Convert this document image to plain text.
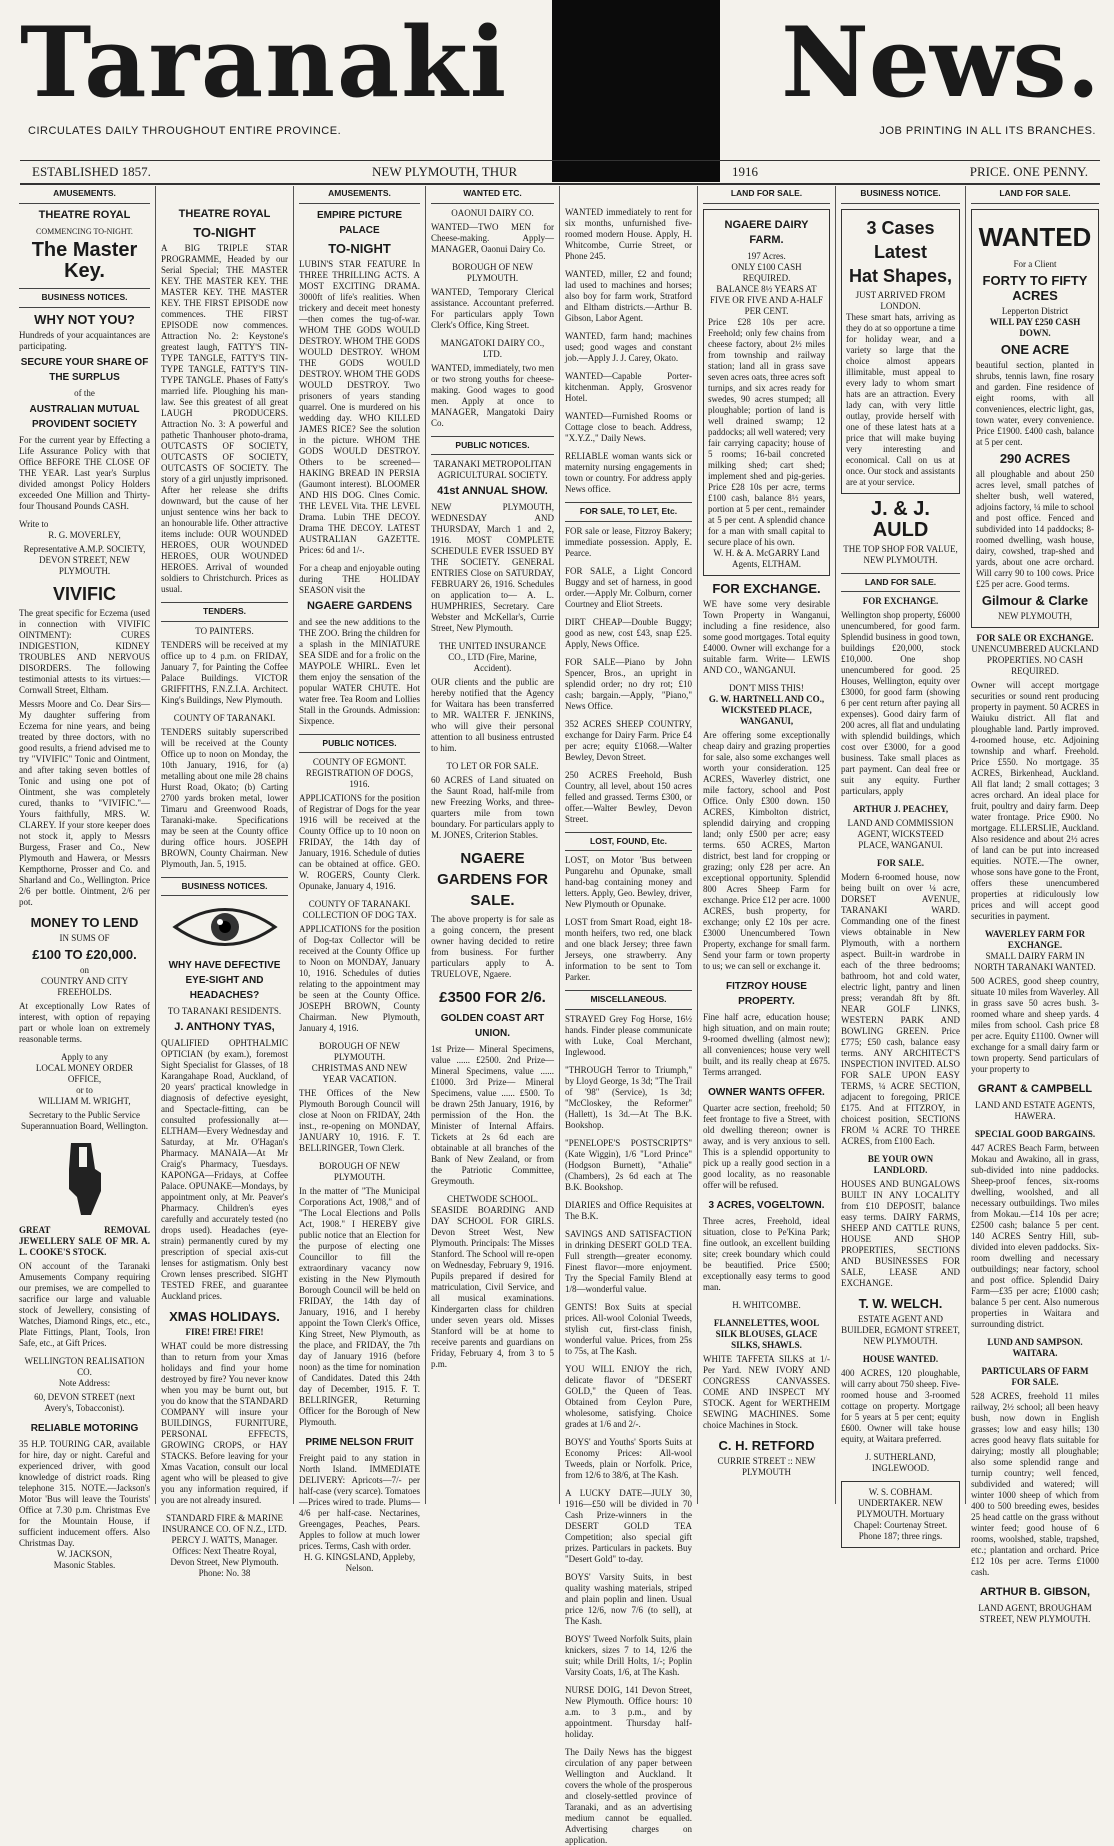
Taranaki	News.
CIRCULATES DAILY THROUGHOUT ENTIRE PROVINCE.	JOB PRINTING IN ALL ITS BRANCHES.
ESTABLISHED 1857.	NEW PLYMOUTH, THUR	1916	PRICE. ONE PENNY.
AMUSEMENTS.
THEATRE ROYAL
COMMENCING TO-NIGHT.
The Master Key.
BUSINESS NOTICES.
WHY NOT YOU?
Hundreds of your acquaintances are participating.
SECURE YOUR SHARE OF THE SURPLUS
of the
AUSTRALIAN MUTUAL PROVIDENT SOCIETY
For the current year by Effecting a Life Assurance Policy with that Office BEFORE THE CLOSE OF THE YEAR. Last year's Surplus divided amongst Policy Holders exceeded One Million and Thirty-four Thousand Pounds CASH.
Write to
R. G. MOVERLEY,
Representative A.M.P. SOCIETY, DEVON STREET, NEW PLYMOUTH.
VIVIFIC
The great specific for Eczema (used in connection with VIVIFIC OINTMENT): CURES INDIGESTION, KIDNEY TROUBLES AND NERVOUS DISORDERS. The following testimonial attests to its virtues:— Cornwall Street, Eltham.
Messrs Moore and Co. Dear Sirs—My daughter suffering from Eczema for nine years, and being treated by three doctors, with no good results, a friend advised me to try "VIVIFIC" Tonic and Ointment, and after taking seven bottles of Tonic and using one pot of Ointment, she was completely cured, thanks to "VIVIFIC."—Yours faithfully, MRS. W. CLAREY. If your store keeper does not stock it, apply to Messrs Burgess, Fraser and Co., New Plymouth and Hawera, or Messrs Kempthorne, Prosser and Co. and Sharland and Co., Wellington. Price 2/6 per bottle. Ointment, 2/6 per pot.
MONEY TO LEND
IN SUMS OF
£100 TO £20,000.
on
COUNTRY AND CITY FREEHOLDS.
At exceptionally Low Rates of interest, with option of repaying part or whole loan on extremely reasonable terms.
Apply to any
LOCAL MONEY ORDER OFFICE,
or to
WILLIAM M. WRIGHT,
Secretary to the Public Service Superannuation Board, Wellington.
GREAT REMOVAL JEWELLERY SALE OF MR. A. L. COOKE'S STOCK.
ON account of the Taranaki Amusements Company requiring our premises, we are compelled to sacrifice our large and valuable stock of Jewellery, consisting of Watches, Diamond Rings, etc., etc., Plate Fittings, Plant, Tools, Iron Safe, etc., at Gift Prices.
WELLINGTON REALISATION CO.
Note Address:
60, DEVON STREET (next Avery's, Tobacconist).
RELIABLE MOTORING
35 H.P. TOURING CAR, available for hire, day or night. Careful and experienced driver, with good knowledge of district roads. Ring telephone 315. NOTE.—Jackson's Motor 'Bus will leave the Tourists' Office at 7.30 p.m. Christmas Eve for the Mountain House, if sufficient inducement offers. Also Christmas Day.
W. JACKSON,
Masonic Stables.
THEATRE ROYAL
TO-NIGHT
A BIG TRIPLE STAR PROGRAMME, Headed by our Serial Special; THE MASTER KEY. THE MASTER KEY. THE MASTER KEY. THE MASTER KEY. THE FIRST EPISODE now commences. THE FIRST EPISODE now commences. Attraction No. 2: Keystone's greatest laugh, FATTY'S TIN-TYPE TANGLE, FATTY'S TIN-TYPE TANGLE, FATTY'S TIN-TYPE TANGLE. Phases of Fatty's married life. Ploughing his man-law. See this greatest of all great LAUGH PRODUCERS. Attraction No. 3: A powerful and pathetic Thanhouser photo-drama, OUTCASTS OF SOCIETY, OUTCASTS OF SOCIETY, OUTCASTS OF SOCIETY. The story of a girl unjustly imprisoned. After her release she drifts downward, but the cause of her unjust sentence wins her back to an honourable life. Other attractive items include: OUR WOUNDED HEROES, OUR WOUNDED HEROES, OUR WOUNDED HEROES. Arrival of wounded soldiers to Christchurch. Prices as usual.
TENDERS.
TO PAINTERS.
TENDERS will be received at my office up to 4 p.m. on FRIDAY, January 7, for Painting the Coffee Palace Buildings. VICTOR GRIFFITHS, F.N.Z.I.A. Architect. King's Buildings, New Plymouth.
COUNTY OF TARANAKI.
TENDERS suitably superscribed will be received at the County Office up to noon on Monday, the 10th January, 1916, for (a) metalling about one mile 28 chains Hurst Road, Okato; (b) Carting 2700 yards broken metal, lower Timaru and Greenwood Roads, Taranaki-make. Specifications may be seen at the County office during office hours. JOSEPH BROWN, County Chairman. New Plymouth, Jan. 5, 1915.
BUSINESS NOTICES.
WHY HAVE DEFECTIVE EYE-SIGHT AND HEADACHES?
TO TARANAKI RESIDENTS.
J. ANTHONY TYAS,
QUALIFIED OPHTHALMIC OPTICIAN (by exam.), foremost Sight Specialist for Glasses, of 18 Karangahape Road, Auckland, of 20 years' practical knowledge in diagnosis of defective eyesight, and Spectacle-fitting, can be consulted professionally at— ELTHAM—Every Wednesday and Saturday, at Mr. O'Hagan's Pharmacy. MANAIA—At Mr Craig's Pharmacy, Tuesdays. KAPONGA—Fridays, at Coffee Palace. OPUNAKE—Mondays, by appointment only, at Mr. Peaver's Pharmacy. Children's eyes carefully and accurately tested (no drops used). Headaches (eye-strain) permanently cured by my prescription of special axis-cut lenses for astigmatism. Only best Crown lenses prescribed. SIGHT TESTED FREE, and guarantee Auckland prices.
XMAS HOLIDAYS.
FIRE! FIRE! FIRE!
WHAT could be more distressing than to return from your Xmas holidays and find your home destroyed by fire? You never know when you may be burnt out, but you do know that the STANDARD COMPANY will insure your BUILDINGS, FURNITURE, PERSONAL EFFECTS, GROWING CROPS, or HAY STACKS. Before leaving for your Xmas Vacation, consult our local agent who will be pleased to give you any information required, if you are not already insured.
STANDARD FIRE & MARINE INSURANCE CO. OF N.Z., LTD.
PERCY J. WATTS, Manager.
Offices: Next Theatre Royal, Devon Street, New Plymouth. Phone: No. 38
AMUSEMENTS.
EMPIRE PICTURE PALACE
TO-NIGHT
LUBIN'S STAR FEATURE In THREE THRILLING ACTS. A MOST EXCITING DRAMA. 3000ft of life's realities. When trickery and deceit meet honesty—then comes the tug-of-war. WHOM THE GODS WOULD DESTROY. WHOM THE GODS WOULD DESTROY. WHOM THE GODS WOULD DESTROY. WHOM THE GODS WOULD DESTROY. Two prisoners of years standing quarrel. One is murdered on his wedding day. WHO KILLED JAMES RICE? See the solution in the picture. WHOM THE GODS WOULD DESTROY. Others to be screened— HAKING BREAD IN PERSIA (Gaumont interest). BLOOMER AND HIS DOG. Clnes Comic. THE LEVEL Vita. THE LEVEL Drama. Lubin THE DECOY. Drama THE DECOY. LATEST AUSTRALIAN GAZETTE. Prices: 6d and 1/-.
For a cheap and enjoyable outing during THE HOLIDAY SEASON visit the
NGAERE GARDENS
and see the new additions to the THE ZOO. Bring the children for a splash in the MINIATURE SEA SIDE and for a frolic on the MAYPOLE WHIRL. Even let them enjoy the sensation of the popular WATER CHUTE. Hot water free. Tea Room and Lollies Stall in the Grounds. Admission: Sixpence.
PUBLIC NOTICES.
COUNTY OF EGMONT.
REGISTRATION OF DOGS, 1916.
APPLICATIONS for the position of Registrar of Dogs for the year 1916 will be received at the County Office up to 10 noon on FRIDAY, the 14th day of January, 1916. Schedule of duties can be obtained at office. GEO. W. ROGERS, County Clerk. Opunake, January 4, 1916.
COUNTY OF TARANAKI.
COLLECTION OF DOG TAX.
APPLICATIONS for the position of Dog-tax Collector will be received at the County Office up to Noon on MONDAY, January 10, 1916. Schedules of duties relating to the appointment may be seen at the County Office. JOSEPH BROWN, County Chairman. New Plymouth, January 4, 1916.
BOROUGH OF NEW PLYMOUTH.
CHRISTMAS AND NEW YEAR VACATION.
THE Offices of the New Plymouth Borough Council will close at Noon on FRIDAY, 24th inst., re-opening on MONDAY, JANUARY 10, 1916. F. T. BELLRINGER, Town Clerk.
BOROUGH OF NEW PLYMOUTH.
In the matter of "The Municipal Corporations Act, 1908," and of "The Local Elections and Polls Act, 1908." I HEREBY give public notice that an Election for the purpose of electing one Councillor to fill the extraordinary vacancy now existing in the New Plymouth Borough Council will be held on FRIDAY, the 14th day of January, 1916, and I hereby appoint the Town Clerk's Office, King Street, New Plymouth, as the place, and FRIDAY, the 7th day of January 1916 (before noon) as the time for nomination of Candidates. Dated this 24th day of December, 1915. F. T. BELLRINGER, Returning Officer for the Borough of New Plymouth.
PRIME NELSON FRUIT
Freight paid to any station in North Island. IMMEDIATE DELIVERY: Apricots—7/- per half-case (very scarce). Tomatoes—Prices wired to trade. Plums—4/6 per half-case. Nectarines, Greengages, Peaches, Pears. Apples to follow at much lower prices. Terms, Cash with order.
H. G. KINGSLAND, Appleby, Nelson.
WANTED ETC.
OAONUI DAIRY CO.
WANTED—TWO MEN for Cheese-making. Apply— MANAGER, Oaonui Dairy Co.
BOROUGH OF NEW PLYMOUTH.
WANTED, Temporary Clerical assistance. Accountant preferred. For particulars apply Town Clerk's Office, King Street.
MANGATOKI DAIRY CO., LTD.
WANTED, immediately, two men or two strong youths for cheese-making. Good wages to good men. Apply at once to MANAGER, Mangatoki Dairy Co.
PUBLIC NOTICES.
TARANAKI METROPOLITAN AGRICULTURAL SOCIETY.
41st ANNUAL SHOW.
NEW PLYMOUTH, WEDNESDAY AND THURSDAY, March 1 and 2, 1916. MOST COMPLETE SCHEDULE EVER ISSUED BY THE SOCIETY. GENERAL ENTRIES Close on SATURDAY, FEBRUARY 26, 1916. Schedules on application to— A. L. HUMPHRIES, Secretary. Care Webster and McKellar's, Currie Street, New Plymouth.
THE UNITED INSURANCE CO., LTD (Fire, Marine, Accident).
OUR clients and the public are hereby notified that the Agency for Waitara has been transferred to MR. WALTER F. JENKINS, who will give their personal attention to all business entrusted to him.
TO LET OR FOR SALE.
60 ACRES of Land situated on the Saunt Road, half-mile from new Freezing Works, and three-quarters mile from town boundary. For particulars apply to M. JONES, Criterion Stables.
NGAERE GARDENS FOR SALE.
The above property is for sale as a going concern, the present owner having decided to retire from business. For further particulars apply to A. TRUELOVE, Ngaere.
£3500 FOR 2/6.
GOLDEN COAST ART UNION.
1st Prize— Mineral Specimens, value ...... £2500. 2nd Prize— Mineral Specimens, value ...... £1000. 3rd Prize— Mineral Specimens, value ...... £500. To be drawn 25th January, 1916, by permission of the Hon. the Minister of Internal Affairs. Tickets at 2s 6d each are obtainable at all branches of the Bank of New Zealand, or from the Patriotic Committee, Greymouth.
CHETWODE SCHOOL.
SEASIDE BOARDING AND DAY SCHOOL FOR GIRLS. Devon Street West, New Plymouth. Principals: The Misses Stanford. The School will re-open on Wednesday, February 9, 1916. Pupils prepared if desired for matriculation, Civil Service, and all musical examinations. Kindergarten class for children under seven years old. Misses Stanford will be at home to receive parents and guardians on Friday, February 4, from 3 to 5 p.m.
WANTED immediately to rent for six months, unfurnished five-roomed modern House. Apply, H. Whitcombe, Currie Street, or Phone 245.
WANTED, miller, £2 and found; lad used to machines and horses; also boy for farm work, Stratford and Eltham districts.—Arthur B. Gibson, Labor Agent.
WANTED, farm hand; machines used; good wages and constant job.—Apply J. J. Carey, Okato.
WANTED—Capable Porter-kitchenman. Apply, Grosvenor Hotel.
WANTED—Furnished Rooms or Cottage close to beach. Address, "X.Y.Z.," Daily News.
RELIABLE woman wants sick or maternity nursing engagements in town or country. For address apply News office.
FOR SALE, TO LET, Etc.
FOR sale or lease, Fitzroy Bakery; immediate possession. Apply, E. Pearce.
FOR SALE, a Light Concord Buggy and set of harness, in good order.—Apply Mr. Colburn, corner Courtney and Eliot Streets.
DIRT CHEAP—Double Buggy; good as new, cost £43, snap £25. Apply, News Office.
FOR SALE—Piano by John Spencer, Bros., an upright in splendid order; no dry rot; £10 cash; bargain.—Apply, "Piano," News Office.
352 ACRES SHEEP COUNTRY, exchange for Dairy Farm. Price £4 per acre; equity £1068.—Walter Bewley, Devon Street.
250 ACRES Freehold, Bush Country, all level, about 150 acres felled and grassed. Terms £300, or offer.—Walter Bewley, Devon Street.
LOST, FOUND, Etc.
LOST, on Motor 'Bus between Pungarehu and Opunake, small hand-bag containing money and letters. Apply, Geo. Bewley, driver, New Plymouth or Opunake.
LOST from Smart Road, eight 18-month heifers, two red, one black and one black Jersey; three fawn Jerseys, one strawberry. Any information to be sent to Tom Parker.
MISCELLANEOUS.
STRAYED Grey Fog Horse, 16½ hands. Finder please communicate with Luke, Coal Merchant, Inglewood.
"THROUGH Terror to Triumph," by Lloyd George, 1s 3d; "The Trail of '98" (Service), 1s 3d; "McCloskey, the Reformer" (Hallett), 1s 3d.—At The B.K. Bookshop.
"PENELOPE'S POSTSCRIPTS" (Kate Wiggin), 1/6 "Lord Prince" (Hodgson Burnett), "Athalie" (Chambers), 2s 6d each at The B.K. Bookshop.
DIARIES and Office Requisites at The B.K.
SAVINGS AND SATISFACTION in drinking DESERT GOLD TEA. Full strength—greater economy. Finest flavor—more enjoyment. Try the Special Family Blend at 1/8—wonderful value.
GENTS! Box Suits at special prices. All-wool Colonial Tweeds, stylish cut, first-class finish, wonderful value. Prices, from 25s to 75s, at The Kash.
YOU WILL ENJOY the rich, delicate flavor of "DESERT GOLD," the Queen of Teas. Obtained from Ceylon Pure, wholesome, satisfying. Choice grades at 1/6 and 2/-.
BOYS' and Youths' Sports Suits at Economy Prices: All-wool Tweeds, plain or Norfolk. Price, from 12/6 to 38/6, at The Kash.
A LUCKY DATE—JULY 30, 1916—£50 will be divided in 70 Cash Prize-winners in the DESERT GOLD TEA Competition; also special gift prizes. Particulars in packets. Buy "Desert Gold" to-day.
BOYS' Varsity Suits, in best quality washing materials, striped and plain poplin and linen. Usual price 12/6, now 7/6 (to sell), at The Kash.
BOYS' Tweed Norfolk Suits, plain knickers, sizes 7 to 14, 12/6 the suit; while Drill Holts, 1/-; Poplin Varsity Coats, 1/6, at The Kash.
NURSE DOIG, 141 Devon Street, New Plymouth. Office hours: 10 a.m. to 3 p.m., and by appointment. Thursday half-holiday.
The Daily News has the biggest circulation of any paper between Wellington and Auckland. It covers the whole of the prosperous and closely-settled province of Taranaki, and as an advertising medium cannot be equalled. Advertising charges on application.
LAND FOR SALE.
NGAERE DAIRY FARM.
197 Acres.
ONLY £100 CASH REQUIRED.
BALANCE 8½ YEARS AT FIVE OR FIVE AND A-HALF PER CENT.
Price £28 10s per acre. Freehold; only few chains from cheese factory, about 2½ miles from township and railway station; land all in grass save seven acres oats, three acres soft turnips, and six acres ready for swedes, 90 acres stumped; all ploughable; portion of land is well drained swamp; 12 paddocks; all well watered; very fair carrying capacity; house of 5 rooms; 16-bail concreted milking shed; cart shed; implement shed and pig-geries. Price £28 10s per acre, terms £100 cash, balance 8½ years, portion at 5 per cent., remainder at 5 per cent. A splendid chance for a man with small capital to secure place of his own.
W. H. & A. McGARRY Land Agents, ELTHAM.
FOR EXCHANGE.
WE have some very desirable Town Property in Wanganui, including a fine residence, also some good mortgages. Total equity £4000. Owner will exchange for a suitable farm. Write— LEWIS AND CO., WANGANUI.
DON'T MISS THIS!
G. W. HARTNELL AND CO., WICKSTEED PLACE, WANGANUI,
Are offering some exceptionally cheap dairy and grazing properties for sale, also some exchanges well worth your consideration. 125 ACRES, Waverley district, one mile factory, school and Post Office. Only £300 down. 150 ACRES, Kimbolton district, splendid dairying and cropping land; only £500 per acre; easy terms. 650 ACRES, Marton district, best land for cropping or grazing; only £28 per acre. An exceptional opportunity. Splendid 800 Acres Sheep Farm for exchange. Price £12 per acre. 1000 ACRES, bush property, for exchange; only £2 10s per acre. £3000 Unencumbered Town Property, exchange for small farm. Send your farm or town property to us; we can sell or exchange it.
FITZROY HOUSE PROPERTY.
Fine half acre, education house; high situation, and on main route; 9-roomed dwelling (almost new); all conveniences; house very well built, and its really cheap at £675. Terms arranged.
OWNER WANTS OFFER.
Quarter acre section, freehold; 50 feet frontage to five a Street, with old dwelling thereon; owner is away, and is very anxious to sell. This is a splendid opportunity to pick up a really good section in a good locality, as no reasonable offer will be refused.
3 ACRES, VOGELTOWN.
Three acres, Freehold, ideal situation, close to Pe'Kina Park; fine outlook, an excellent building site; creek boundary which could be beautified. Price £500; exceptionally easy terms to good man.
H. WHITCOMBE.
FLANNELETTES, WOOL SILK BLOUSES, GLACE SILKS, SHAWLS.
WHITE TAFFETA SILKS at 1/- Per Yard. NEW IVORY AND CONGRESS CANVASSES. COME AND INSPECT MY STOCK. Agent for WERTHEIM SEWING MACHINES. Some choice Machines in Stock.
C. H. RETFORD
CURRIE STREET :: NEW PLYMOUTH
BUSINESS NOTICE.
3 Cases
Latest
Hat Shapes,
JUST ARRIVED FROM LONDON.
These smart hats, arriving as they do at so opportune a time for holiday wear, and a variety so large that the choice almost appears illimitable, must appeal to every lady to whom smart hats are an attraction. Every lady can, with very little outlay, provide herself with one of these latest hats at a price that will make buying very interesting and economical. Call on us at once. Our stock and assistants are at your service.
J. & J. AULD
THE TOP SHOP FOR VALUE, NEW PLYMOUTH.
LAND FOR SALE.
FOR EXCHANGE.
Wellington shop property, £6000 unencumbered, for good farm. Splendid business in good town, buildings £20,000, stock £10,000. One shop unencumbered for good. 25 Houses, Wellington, equity over £3000, for good farm (showing 6 per cent return after paying all expenses). Good dairy farm of 200 acres, all flat and undulating with splendid buildings, which cost over £3000, for a good business. Take small places as part payment. Can deal free or suit any equity. Further particulars, apply
ARTHUR J. PEACHEY,
LAND AND COMMISSION AGENT, WICKSTEED PLACE, WANGANUI.
FOR SALE.
Modern 6-roomed house, now being built on over ¼ acre, DORSET AVENUE, TARANAKI WARD. Commanding one of the finest views obtainable in New Plymouth, with a northern aspect. Built-in wardrobe in each of the three bedrooms; bathroom, hot and cold water, electric light, pantry and linen press; verandah 8ft by 8ft. NEAR GOLF LINKS, WESTERN PARK AND BOWLING GREEN. Price £775; £50 cash, balance easy terms. ANY ARCHITECT'S INSPECTION INVITED. ALSO FOR SALE UPON EASY TERMS, ¼ ACRE SECTION, adjacent to foregoing, PRICE £175. And at FITZROY, in choicest position, SECTIONS FROM ¼ ACRE TO THREE ACRES, from £100 Each.
BE YOUR OWN LANDLORD.
HOUSES AND BUNGALOWS BUILT IN ANY LOCALITY from £10 DEPOSIT, balance easy terms. DAIRY FARMS, SHEEP AND CATTLE RUNS, HOUSE AND SHOP PROPERTIES, SECTIONS AND BUSINESSES FOR SALE, LEASE AND EXCHANGE.
T. W. WELCH.
ESTATE AGENT AND BUILDER, EGMONT STREET, NEW PLYMOUTH.
HOUSE WANTED.
400 ACRES, 120 ploughable, will carry about 750 sheep. Five-roomed house and 3-roomed cottage on property. Mortgage for 5 years at 5 per cent; equity £600. Owner will take house equity, at Waitara preferred.
J. SUTHERLAND, INGLEWOOD.
W. S. COBHAM. UNDERTAKER. NEW PLYMOUTH. Mortuary Chapel: Courtenay Street. Phone 187; three rings.
LAND FOR SALE.
WANTED
For a Client
FORTY TO FIFTY ACRES
Lepperton District
WILL PAY £250 CASH DOWN.
ONE ACRE
beautiful section, planted in shrubs, tennis lawn, fine rosary and garden. Fine residence of eight rooms, with all conveniences, electric light, gas, town water, every convenience. Price £1900. £400 cash, balance at 5 per cent.
290 ACRES
all ploughable and about 250 acres level, small patches of shelter bush, well watered, adjoins factory, ¼ mile to school and post office. Fenced and subdivided into 14 paddocks; 8-roomed dwelling, wash house, dairy, cowshed, trap-shed and yards, about one acre orchard. Will carry 90 to 100 cows. Price £25 per acre. Good terms.
Gilmour & Clarke
NEW PLYMOUTH,
FOR SALE OR EXCHANGE.
UNENCUMBERED AUCKLAND PROPERTIES. NO CASH REQUIRED.
Owner will accept mortgage securities or sound rent producing property in payment. 50 ACRES in Waiuku district. All flat and ploughable land. Partly improved. 4-roomed house, etc. Adjoining township and wharf. Freehold. Price £550. No mortgage. 35 ACRES, Birkenhead, Auckland. All flat land; 2 small cottages; 3 acres orchard. An ideal place for fruit, poultry and dairy farm. Deep water frontage. Price £900. No mortgage. ELLERSLIE, Auckland. Also residence and about 2½ acres of land can be put into increased equities. NOTE.—The owner, whose sons have gone to the Front, offers these unencumbered properties at ridiculously low prices and will accept good securities in payment.
WAVERLEY FARM FOR EXCHANGE.
SMALL DAIRY FARM IN NORTH TARANAKI WANTED.
500 ACRES, good sheep country, situate 10 miles from Waverley. All in grass save 50 acres bush. 3-roomed whare and sheep yards. 4 miles from school. Cash price £8 per acre. Equity £1100. Owner will exchange for a small dairy farm or town property. Send particulars of your property to
GRANT & CAMPBELL
LAND AND ESTATE AGENTS, HAWERA.
SPECIAL GOOD BARGAINS.
447 ACRES Beach Farm, between Mokau and Awakino, all in grass, sub-divided into nine paddocks. Sheep-proof fences, six-rooms dwelling, woolshed, and all necessary outbuildings. Two miles from Mokau.—£14 10s per acre; £2500 cash; balance 5 per cent. 140 ACRES Sentry Hill, sub-divided into eleven paddocks. Six-room dwelling and necessary outbuildings; near factory, school and post office. Splendid Dairy Farm—£35 per acre; £1000 cash; balance 5 per cent. Also numerous properties in Waitara and surrounding district.
LUND AND SAMPSON. WAITARA.
PARTICULARS OF FARM FOR SALE.
528 ACRES, freehold 11 miles railway, 2½ school; all been heavy bush, now down in English grasses; low and easy hills; 130 acres good heavy flats suitable for dairying; mostly all ploughable; also some splendid range and turnip country; well fenced, subdivided and watered; will winter 1000 sheep of which from 400 to 500 breeding ewes, besides 25 head cattle on the grass without winter feed; good house of 6 rooms, woolshed, stable, trapshed, etc.; plantation and orchard. Price £12 10s per acre. Terms £1000 cash.
ARTHUR B. GIBSON,
LAND AGENT, BROUGHAM STREET, NEW PLYMOUTH.
